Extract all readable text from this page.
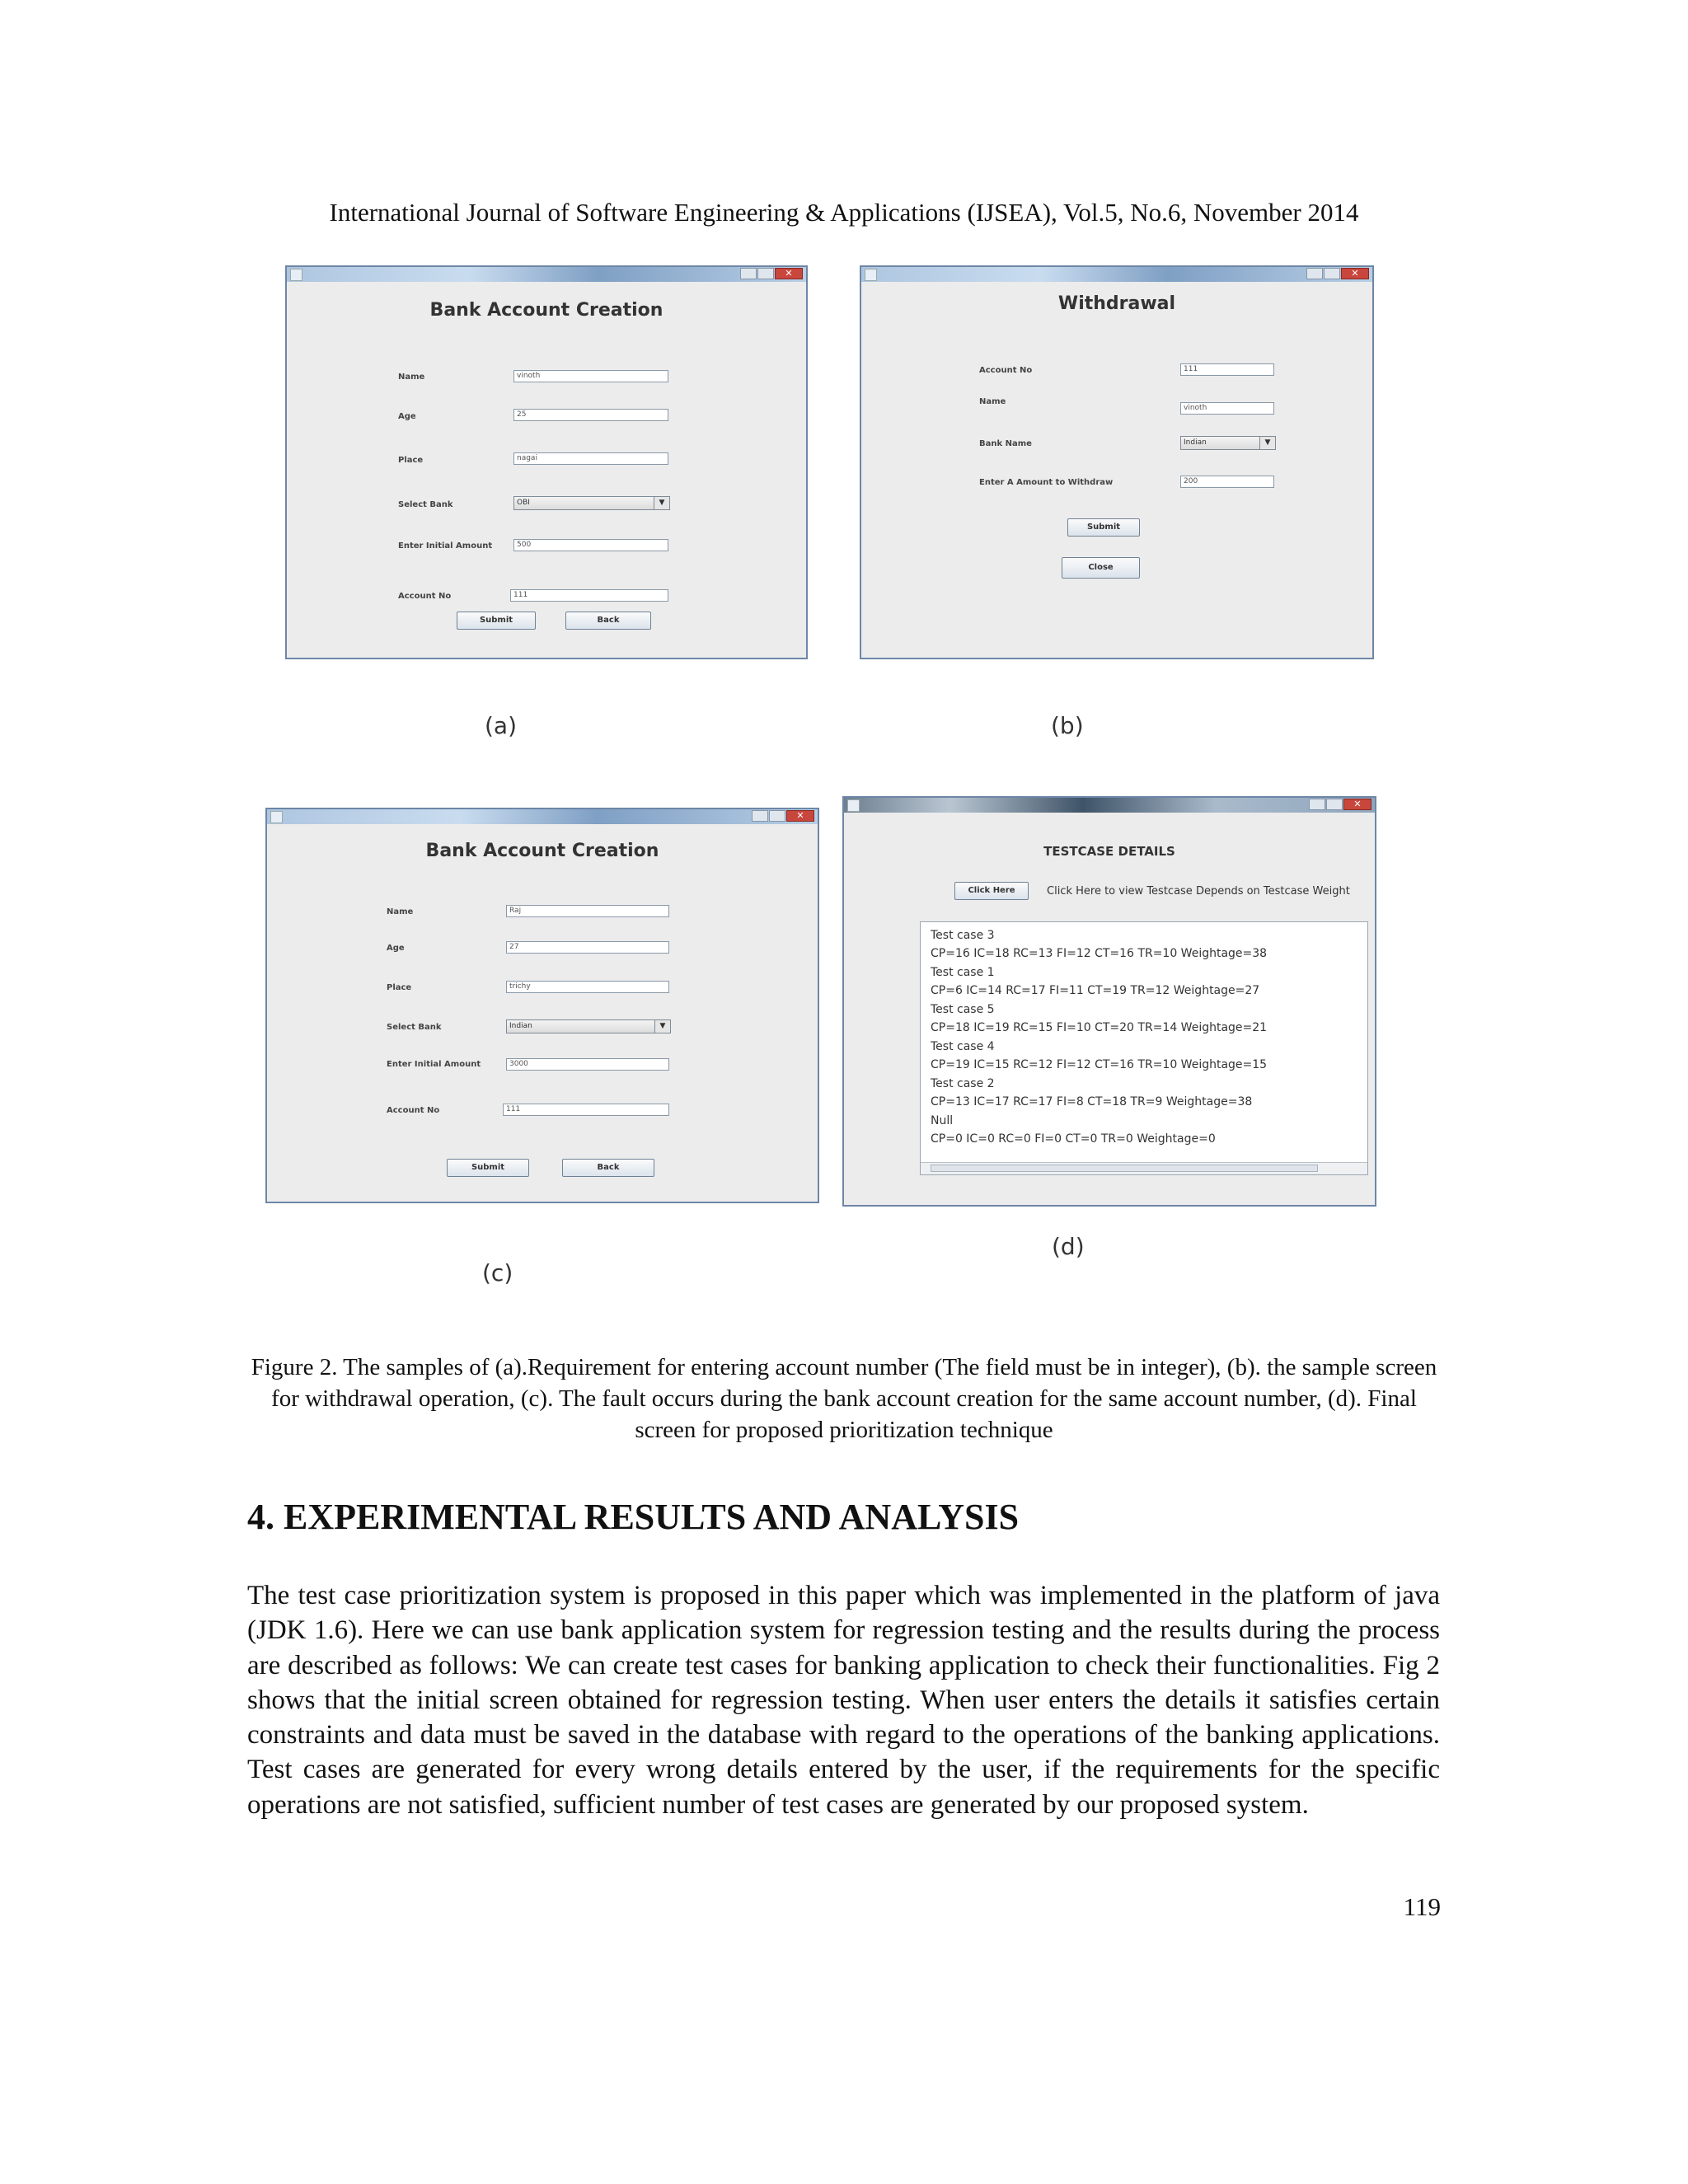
International Journal of Software Engineering & Applications (IJSEA), Vol.5, No.6, November 2014
✕
Bank Account Creation
Name	vinoth
Age	25
Place	nagai
Select Bank	OBI	▼
Enter Initial Amount	500
Account No	111
Submit	Back
(a)
✕
Withdrawal
Account No	111
Name
vinoth
Bank Name	Indian	▼
Enter A Amount to Withdraw	200
Submit
Close
(b)
✕
Bank Account Creation
Name	Raj
Age	27
Place	trichy
Select Bank	Indian	▼
Enter Initial Amount	3000
Account No	111
Submit	Back
(c)
✕
TESTCASE DETAILS
Click Here	Click Here to view Testcase Depends on Testcase Weight
Test case 3
CP=16 IC=18 RC=13 FI=12 CT=16 TR=10 Weightage=38
Test case 1
CP=6 IC=14 RC=17 FI=11 CT=19 TR=12 Weightage=27
Test case 5
CP=18 IC=19 RC=15 FI=10 CT=20 TR=14 Weightage=21
Test case 4
CP=19 IC=15 RC=12 FI=12 CT=16 TR=10 Weightage=15
Test case 2
CP=13 IC=17 RC=17 FI=8 CT=18 TR=9 Weightage=38
Null
CP=0 IC=0 RC=0 FI=0 CT=0 TR=0 Weightage=0
(d)
Figure 2. The samples of (a).Requirement for entering account number (The field must be in integer), (b). the sample screen for withdrawal operation, (c). The fault occurs during the bank account creation for the same account number, (d). Final screen for proposed prioritization technique
4. EXPERIMENTAL RESULTS AND ANALYSIS
The test case prioritization system is proposed in this paper which was implemented in the platform of java (JDK 1.6). Here we can use bank application system for regression testing and the results during the process are described as follows: We can create test cases for banking application to check their functionalities. Fig 2 shows that the initial screen obtained for regression testing. When user enters the details it satisfies certain constraints and data must be saved in the database with regard to the operations of the banking applications. Test cases are generated for every wrong details entered by the user, if the requirements for the specific operations are not satisfied, sufficient number of test cases are generated by our proposed system.
119
